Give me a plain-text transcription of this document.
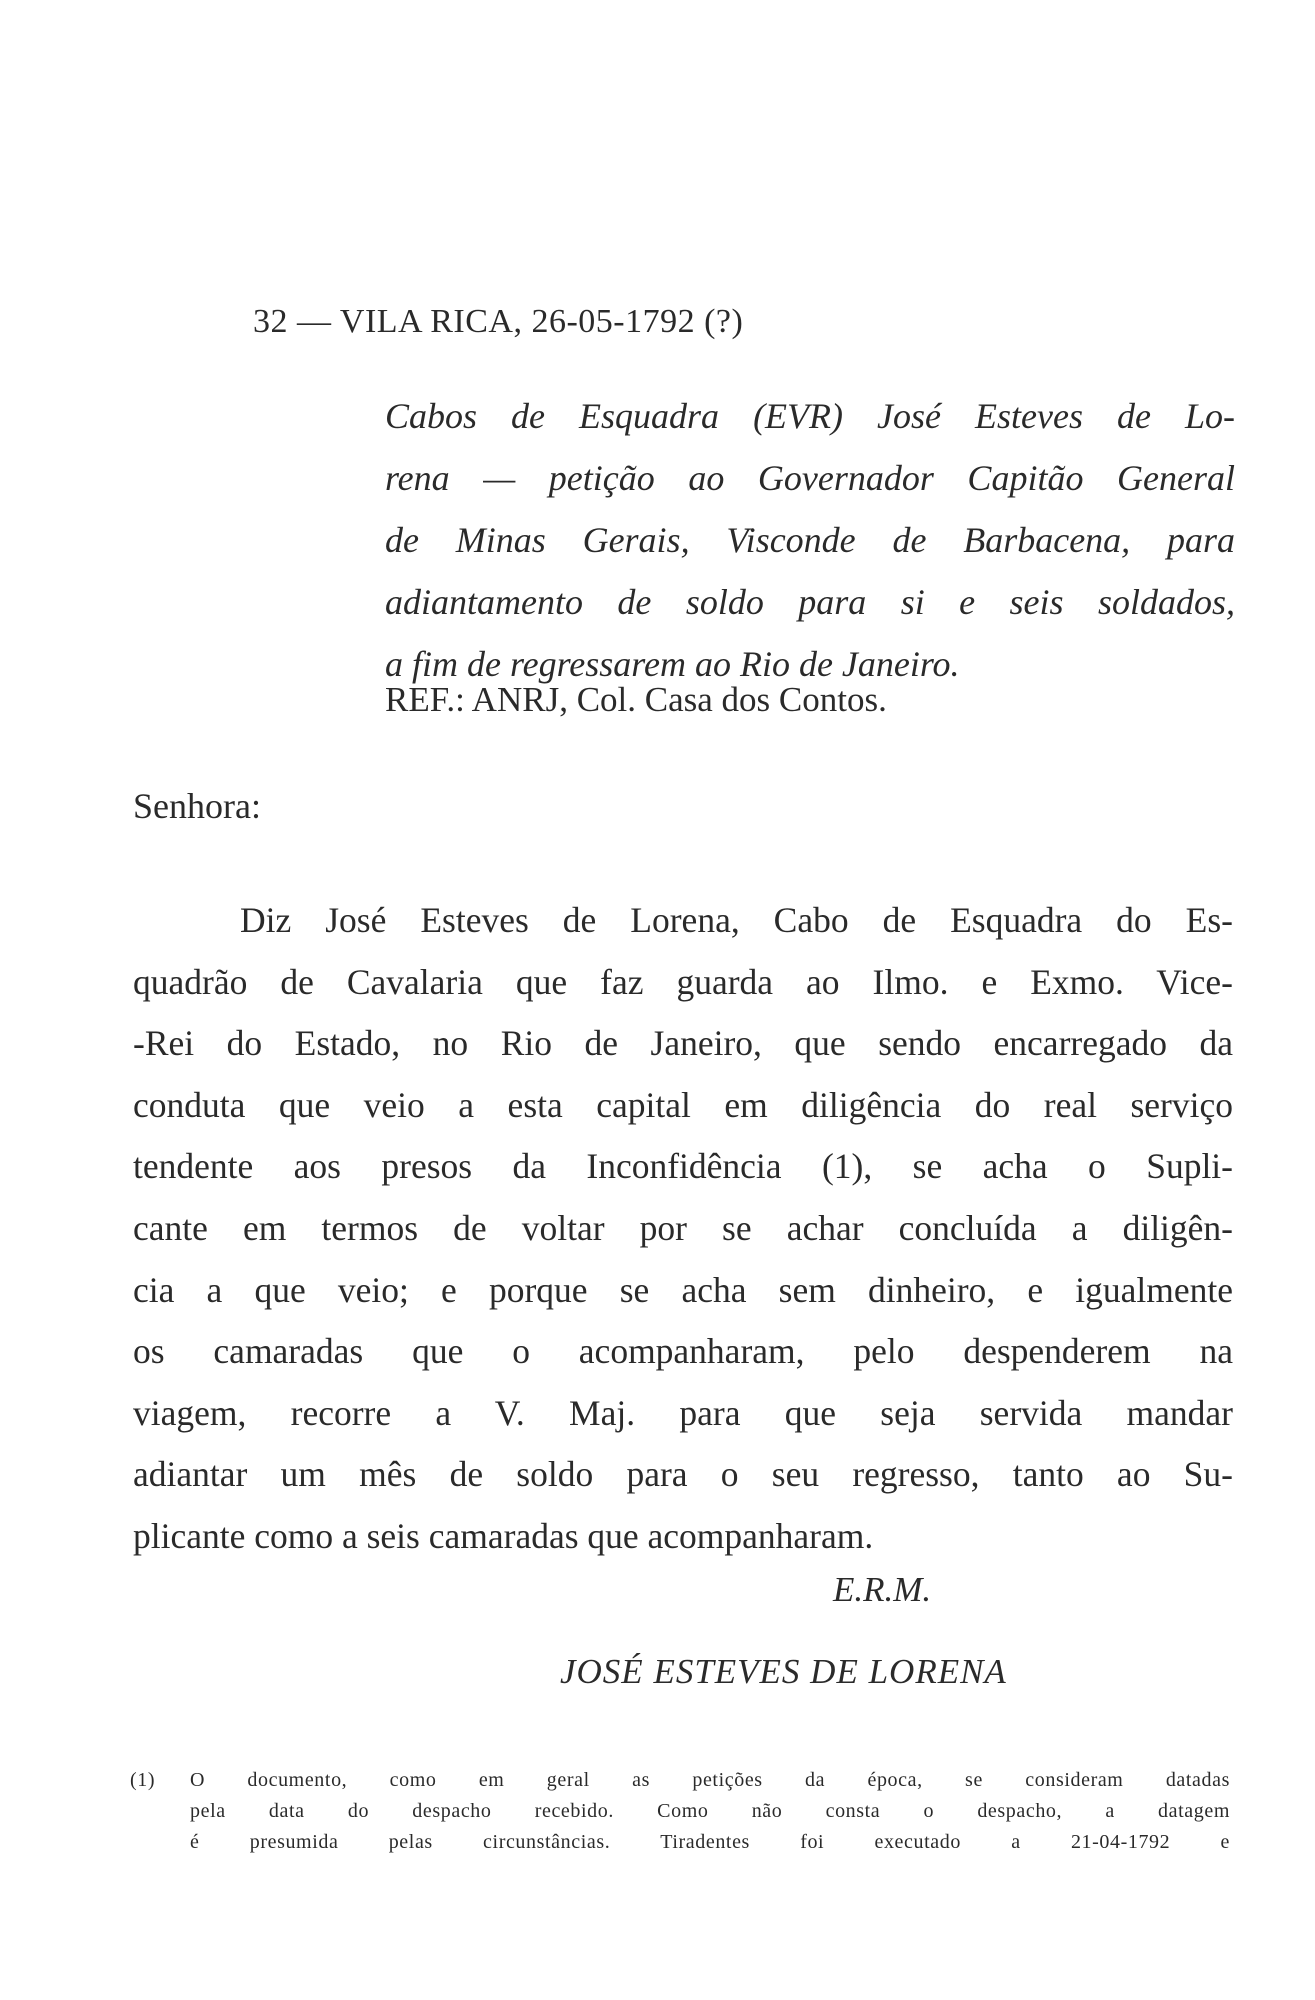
32 — VILA RICA, 26-05-1792 (?)
Cabos de Esquadra (EVR) José Esteves de Lo-
rena — petição ao Governador Capitão General
de Minas Gerais, Visconde de Barbacena, para
adiantamento de soldo para si e seis soldados,
a fim de regressarem ao Rio de Janeiro.
REF.: ANRJ, Col. Casa dos Contos.
Senhora:
Diz José Esteves de Lorena, Cabo de Esquadra do Es-
quadrão de Cavalaria que faz guarda ao Ilmo. e Exmo. Vice-
-Rei do Estado, no Rio de Janeiro, que sendo encarregado da
conduta que veio a esta capital em diligência do real serviço
tendente aos presos da Inconfidência (1), se acha o Supli-
cante em termos de voltar por se achar concluída a diligên-
cia a que veio; e porque se acha sem dinheiro, e igualmente
os camaradas que o acompanharam, pelo despenderem na
viagem, recorre a V. Maj. para que seja servida mandar
adiantar um mês de soldo para o seu regresso, tanto ao Su-
plicante como a seis camaradas que acompanharam.
E.R.M.
JOSÉ ESTEVES DE LORENA
(1) O documento, como em geral as petições da época, se consideram datadas
pela data do despacho recebido. Como não consta o despacho, a datagem
é presumida pelas circunstâncias. Tiradentes foi executado a 21-04-1792 e
